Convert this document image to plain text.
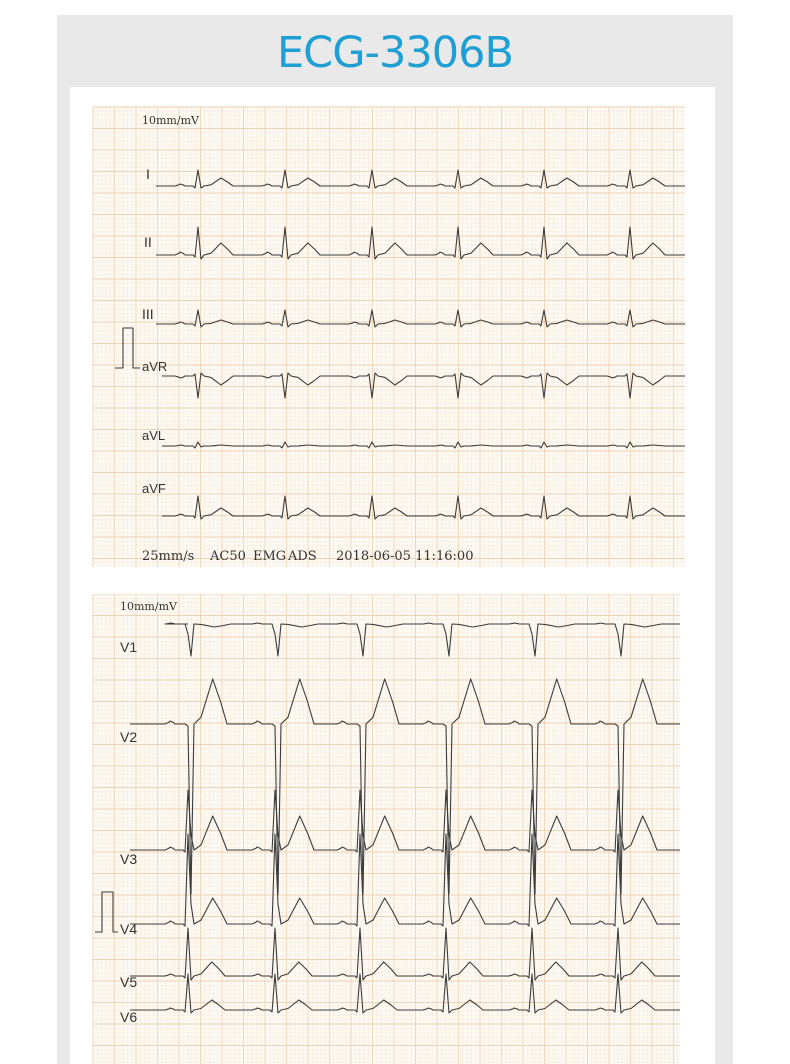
ECG-3306B
10mm/mV
I
II
III
aVR
aVL
aVF
25mm/s AC50 EMG ADS 2018-06-05 11:16:00
10mm/mV
V1
V2
V3
V4
V5
V6
